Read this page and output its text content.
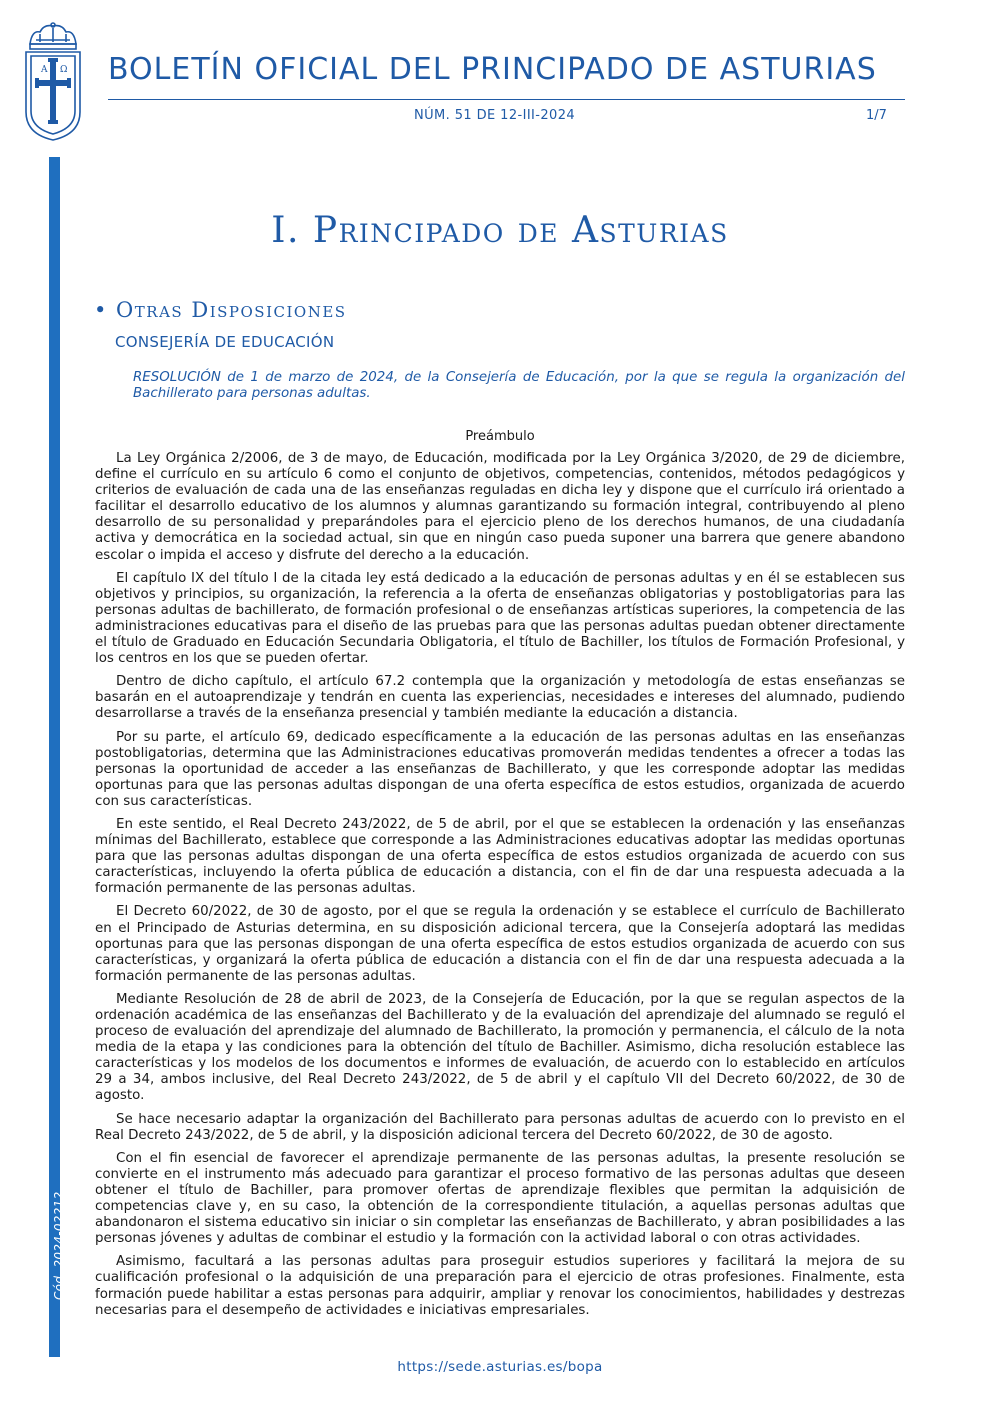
A Ω BOLETÍN OFICIAL DEL PRINCIPADO DE ASTURIAS
NÚM. 51 DE 12-III-2024	1/7
Cód. 2024-02212
I. Principado de Asturias
• Otras Disposiciones
CONSEJERÍA DE EDUCACIÓN
RESOLUCIÓN de 1 de marzo de 2024, de la Consejería de Educación, por la que se regula la organización del Bachillerato para personas adultas.
Preámbulo

La Ley Orgánica 2/2006, de 3 de mayo, de Educación, modificada por la Ley Orgánica 3/2020, de 29 de diciembre, define el currículo en su artículo 6 como el conjunto de objetivos, competencias, contenidos, métodos pedagógicos y criterios de evaluación de cada una de las enseñanzas reguladas en dicha ley y dispone que el currículo irá orientado a facilitar el desarrollo educativo de los alumnos y alumnas garantizando su formación integral, contribuyendo al pleno desarrollo de su personalidad y preparándoles para el ejercicio pleno de los derechos humanos, de una ciudadanía activa y democrática en la sociedad actual, sin que en ningún caso pueda suponer una barrera que genere abandono escolar o impida el acceso y disfrute del derecho a la educación.

El capítulo IX del título I de la citada ley está dedicado a la educación de personas adultas y en él se establecen sus objetivos y principios, su organización, la referencia a la oferta de enseñanzas obligatorias y postobligatorias para las personas adultas de bachillerato, de formación profesional o de enseñanzas artísticas superiores, la competencia de las administraciones educativas para el diseño de las pruebas para que las personas adultas puedan obtener directamente el título de Graduado en Educación Secundaria Obligatoria, el título de Bachiller, los títulos de Formación Profesional, y los centros en los que se pueden ofertar.

Dentro de dicho capítulo, el artículo 67.2 contempla que la organización y metodología de estas enseñanzas se basarán en el autoaprendizaje y tendrán en cuenta las experiencias, necesidades e intereses del alumnado, pudiendo desarrollarse a través de la enseñanza presencial y también mediante la educación a distancia.

Por su parte, el artículo 69, dedicado específicamente a la educación de las personas adultas en las enseñanzas postobligatorias, determina que las Administraciones educativas promoverán medidas tendentes a ofrecer a todas las personas la oportunidad de acceder a las enseñanzas de Bachillerato, y que les corresponde adoptar las medidas oportunas para que las personas adultas dispongan de una oferta específica de estos estudios, organizada de acuerdo con sus características.

En este sentido, el Real Decreto 243/2022, de 5 de abril, por el que se establecen la ordenación y las enseñanzas mínimas del Bachillerato, establece que corresponde a las Administraciones educativas adoptar las medidas oportunas para que las personas adultas dispongan de una oferta específica de estos estudios organizada de acuerdo con sus características, incluyendo la oferta pública de educación a distancia, con el fin de dar una respuesta adecuada a la formación permanente de las personas adultas.

El Decreto 60/2022, de 30 de agosto, por el que se regula la ordenación y se establece el currículo de Bachillerato en el Principado de Asturias determina, en su disposición adicional tercera, que la Consejería adoptará las medidas oportunas para que las personas dispongan de una oferta específica de estos estudios organizada de acuerdo con sus características, y organizará la oferta pública de educación a distancia con el fin de dar una respuesta adecuada a la formación permanente de las personas adultas.

Mediante Resolución de 28 de abril de 2023, de la Consejería de Educación, por la que se regulan aspectos de la ordenación académica de las enseñanzas del Bachillerato y de la evaluación del aprendizaje del alumnado se reguló el proceso de evaluación del aprendizaje del alumnado de Bachillerato, la promoción y permanencia, el cálculo de la nota media de la etapa y las condiciones para la obtención del título de Bachiller. Asimismo, dicha resolución establece las características y los modelos de los documentos e informes de evaluación, de acuerdo con lo establecido en artículos 29 a 34, ambos inclusive, del Real Decreto 243/2022, de 5 de abril y el capítulo VII del Decreto 60/2022, de 30 de agosto.

Se hace necesario adaptar la organización del Bachillerato para personas adultas de acuerdo con lo previsto en el Real Decreto 243/2022, de 5 de abril, y la disposición adicional tercera del Decreto 60/2022, de 30 de agosto.

Con el fin esencial de favorecer el aprendizaje permanente de las personas adultas, la presente resolución se convierte en el instrumento más adecuado para garantizar el proceso formativo de las personas adultas que deseen obtener el título de Bachiller, para promover ofertas de aprendizaje flexibles que permitan la adquisición de competencias clave y, en su caso, la obtención de la correspondiente titulación, a aquellas personas adultas que abandonaron el sistema educativo sin iniciar o sin completar las enseñanzas de Bachillerato, y abran posibilidades a las personas jóvenes y adultas de combinar el estudio y la formación con la actividad laboral o con otras actividades.

Asimismo, facultará a las personas adultas para proseguir estudios superiores y facilitará la mejora de su cualificación profesional o la adquisición de una preparación para el ejercicio de otras profesiones. Finalmente, esta formación puede habilitar a estas personas para adquirir, ampliar y renovar los conocimientos, habilidades y destrezas necesarias para el desempeño de actividades e iniciativas empresariales.

https://sede.asturias.es/bopa
